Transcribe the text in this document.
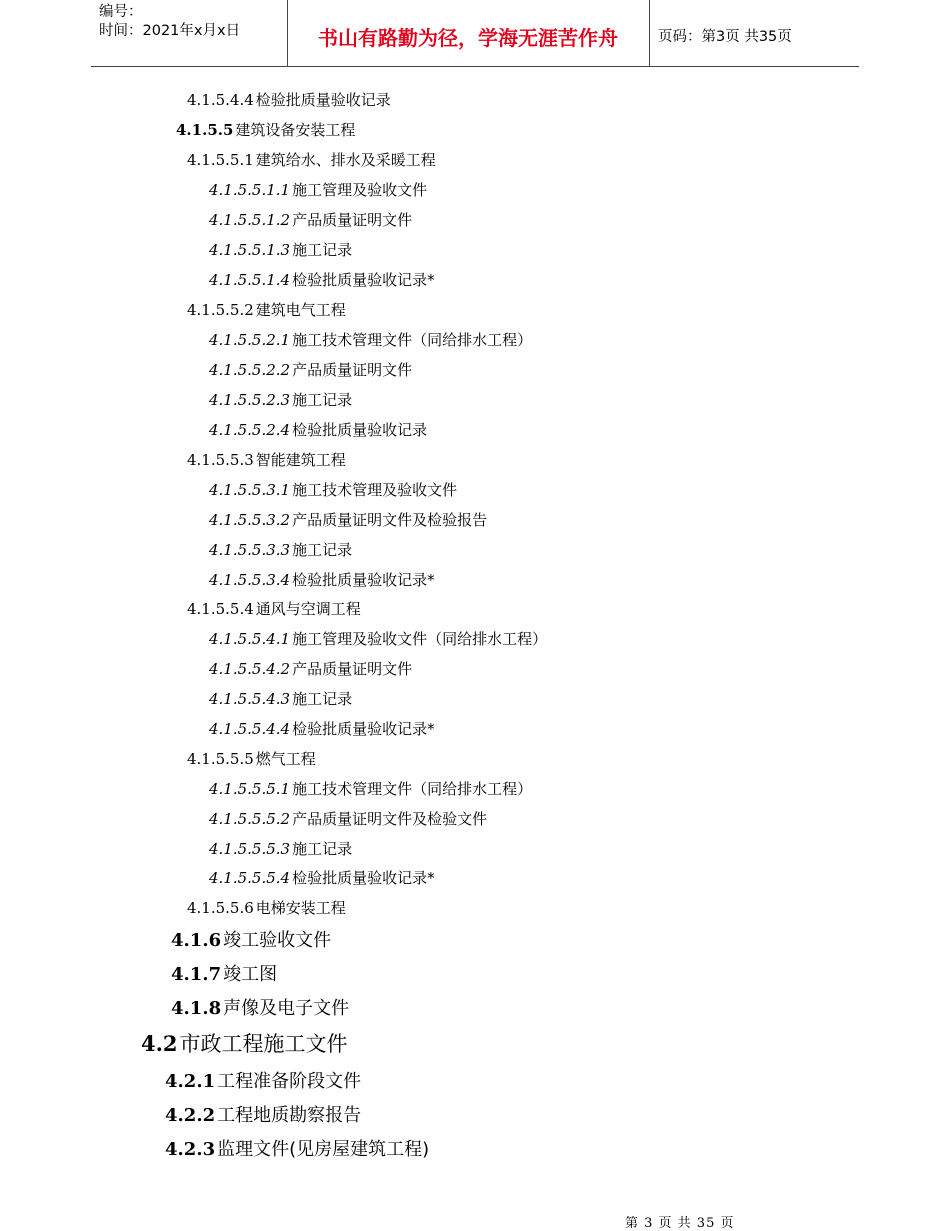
编号：
时间：2021年x月x日	书山有路勤为径，学海无涯苦作舟	页码：第3页 共35页
4.1.5.4.4 检验批质量验收记录
4.1.5.5 建筑设备安装工程
4.1.5.5.1 建筑给水、排水及采暖工程
4.1.5.5.1.1 施工管理及验收文件
4.1.5.5.1.2 产品质量证明文件
4.1.5.5.1.3 施工记录
4.1.5.5.1.4 检验批质量验收记录*
4.1.5.5.2 建筑电气工程
4.1.5.5.2.1 施工技术管理文件（同给排水工程）
4.1.5.5.2.2 产品质量证明文件
4.1.5.5.2.3 施工记录
4.1.5.5.2.4 检验批质量验收记录
4.1.5.5.3 智能建筑工程
4.1.5.5.3.1 施工技术管理及验收文件
4.1.5.5.3.2 产品质量证明文件及检验报告
4.1.5.5.3.3 施工记录
4.1.5.5.3.4 检验批质量验收记录*
4.1.5.5.4 通风与空调工程
4.1.5.5.4.1 施工管理及验收文件（同给排水工程）
4.1.5.5.4.2 产品质量证明文件
4.1.5.5.4.3 施工记录
4.1.5.5.4.4 检验批质量验收记录*
4.1.5.5.5 燃气工程
4.1.5.5.5.1 施工技术管理文件（同给排水工程）
4.1.5.5.5.2 产品质量证明文件及检验文件
4.1.5.5.5.3 施工记录
4.1.5.5.5.4 检验批质量验收记录*
4.1.5.5.6 电梯安装工程
4.1.6 竣工验收文件
4.1.7 竣工图
4.1.8 声像及电子文件
4.2市政工程施工文件
4.2.1 工程准备阶段文件
4.2.2 工程地质勘察报告
4.2.3 监理文件(见房屋建筑工程)
第 3 页 共 35 页
